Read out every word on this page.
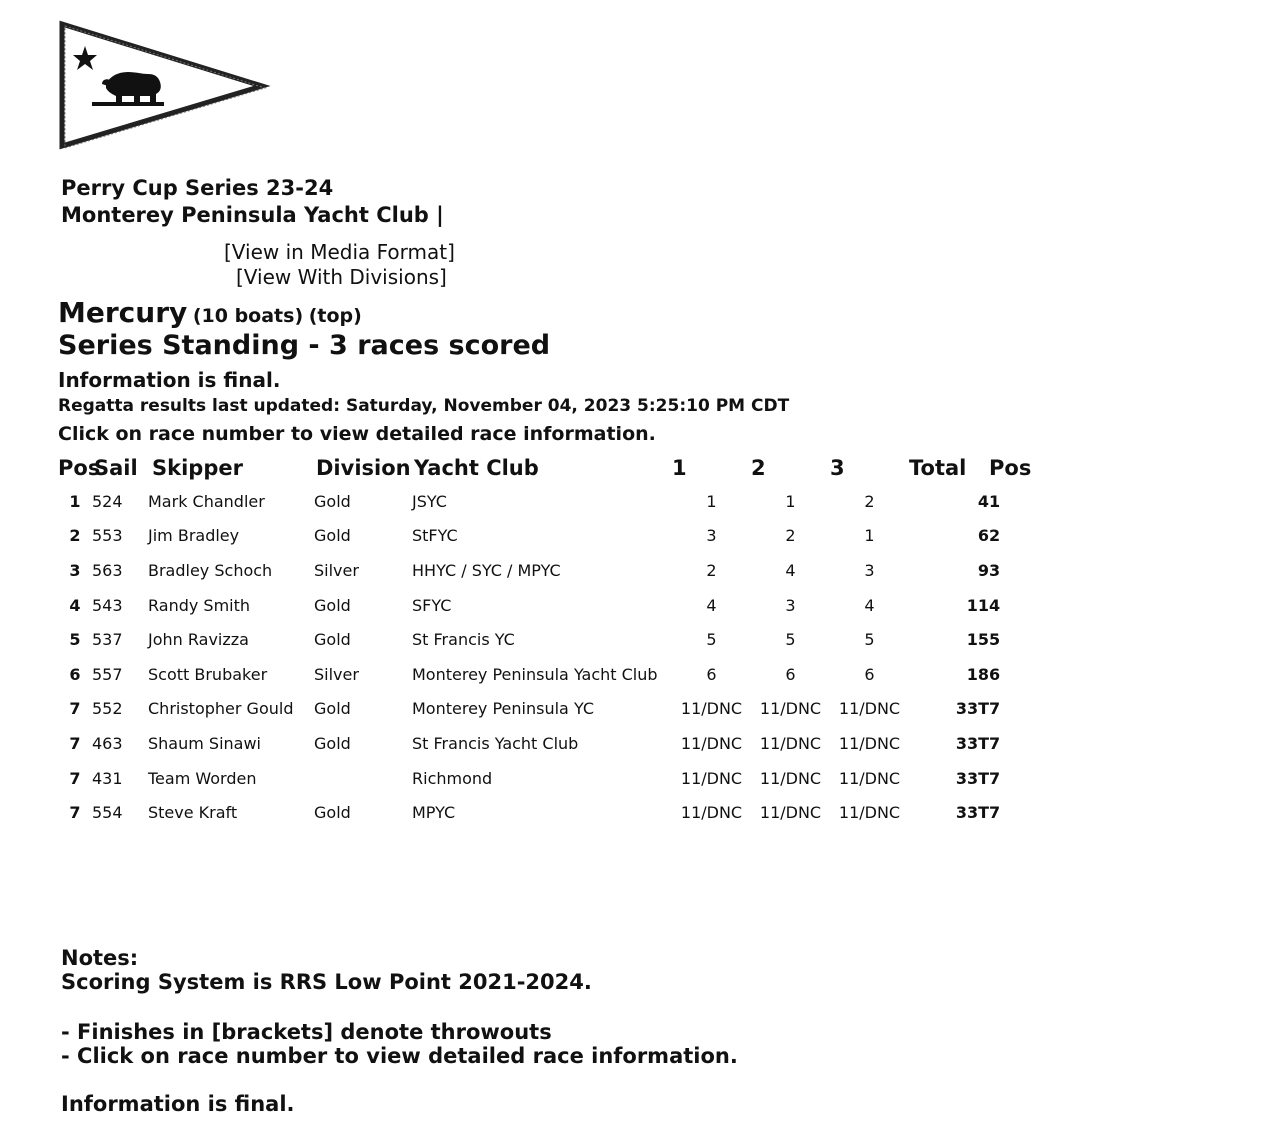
Perry Cup Series 23-24
Monterey Peninsula Yacht Club |
[View in Media Format]
[View With Divisions]
Mercury (10 boats) (top)
Series Standing - 3 races scored
Information is final.
Regatta results last updated: Saturday, November 04, 2023 5:25:10 PM CDT
Click on race number to view detailed race information.
Pos	Sail	Skipper	Division	Yacht Club	1	2	3	Total	Pos
1	524	Mark Chandler	Gold	JSYC	1	1	2	4	1
2	553	Jim Bradley	Gold	StFYC	3	2	1	6	2
3	563	Bradley Schoch	Silver	HHYC / SYC / MPYC	2	4	3	9	3
4	543	Randy Smith	Gold	SFYC	4	3	4	11	4
5	537	John Ravizza	Gold	St Francis YC	5	5	5	15	5
6	557	Scott Brubaker	Silver	Monterey Peninsula Yacht Club	6	6	6	18	6
7	552	Christopher Gould	Gold	Monterey Peninsula YC	11/DNC	11/DNC	11/DNC	33T	7
7	463	Shaum Sinawi	Gold	St Francis Yacht Club	11/DNC	11/DNC	11/DNC	33T	7
7	431	Team Worden		Richmond	11/DNC	11/DNC	11/DNC	33T	7
7	554	Steve Kraft	Gold	MPYC	11/DNC	11/DNC	11/DNC	33T	7
Notes:
Scoring System is RRS Low Point 2021-2024.
- Finishes in [brackets] denote throwouts
- Click on race number to view detailed race information.
Information is final.
